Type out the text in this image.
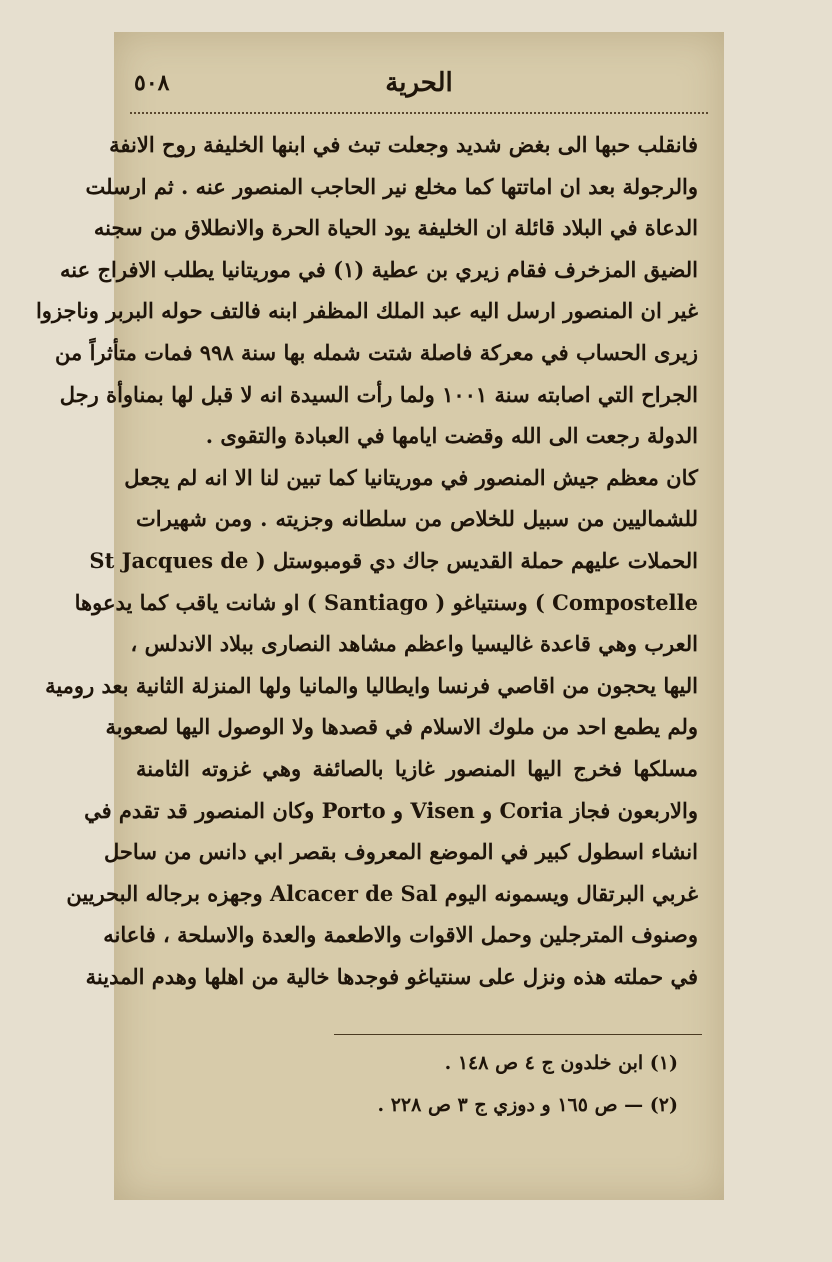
٥٠٨	الحرية
فانقلب حبها الى بغض شديد وجعلت تبث في ابنها الخليفة روح الانفة
والرجولة بعد ان اماتتها كما مخلع نير الحاجب المنصور عنه . ثم ارسلت
الدعاة في البلاد قائلة ان الخليفة يود الحياة الحرة والانطلاق من سجنه
الضيق المزخرف فقام زيري بن عطية (١) في موريتانيا يطلب الافراج عنه
غير ان المنصور ارسل اليه عبد الملك المظفر ابنه فالتف حوله البربر وناجزوا
زيرى الحساب في معركة فاصلة شتت شمله بها سنة ٩٩٨ فمات متأثراً من
الجراح التي اصابته سنة ١٠٠١ ولما رأت السيدة انه لا قبل لها بمناوأة رجل
الدولة رجعت الى الله وقضت ايامها في العبادة والتقوى .
كان معظم جيش المنصور في موريتانيا كما تبين لنا الا انه لم يجعل
للشماليين من سبيل للخلاص من سلطانه وجزيته . ومن شهيرات
الحملات عليهم حملة القديس جاك دي قومبوستل ( St Jacques de
Compostelle ) وسنتياغو ( Santiago ) او شانت ياقب كما يدعوها
العرب وهي قاعدة غاليسيا واعظم مشاهد النصارى ببلاد الاندلس ،
اليها يحجون من اقاصي فرنسا وايطاليا والمانيا ولها المنزلة الثانية بعد رومية
ولم يطمع احد من ملوك الاسلام في قصدها ولا الوصول اليها لصعوبة
مسلكها فخرج اليها المنصور غازيا بالصائفة وهي غزوته الثامنة
والاربعون فجاز Coria و Visen و Porto وكان المنصور قد تقدم في
انشاء اسطول كبير في الموضع المعروف بقصر ابي دانس من ساحل
غربي البرتقال ويسمونه اليوم Alcacer de Sal وجهزه برجاله البحريين
وصنوف المترجلين وحمل الاقوات والاطعمة والعدة والاسلحة ، فاعانه
في حملته هذه ونزل على سنتياغو فوجدها خالية من اهلها وهدم المدينة
(١) ابن خلدون ج ٤ ص ١٤٨ .
(٢) — ص ١٦٥ و دوزي ج ٣ ص ٢٢٨ .
